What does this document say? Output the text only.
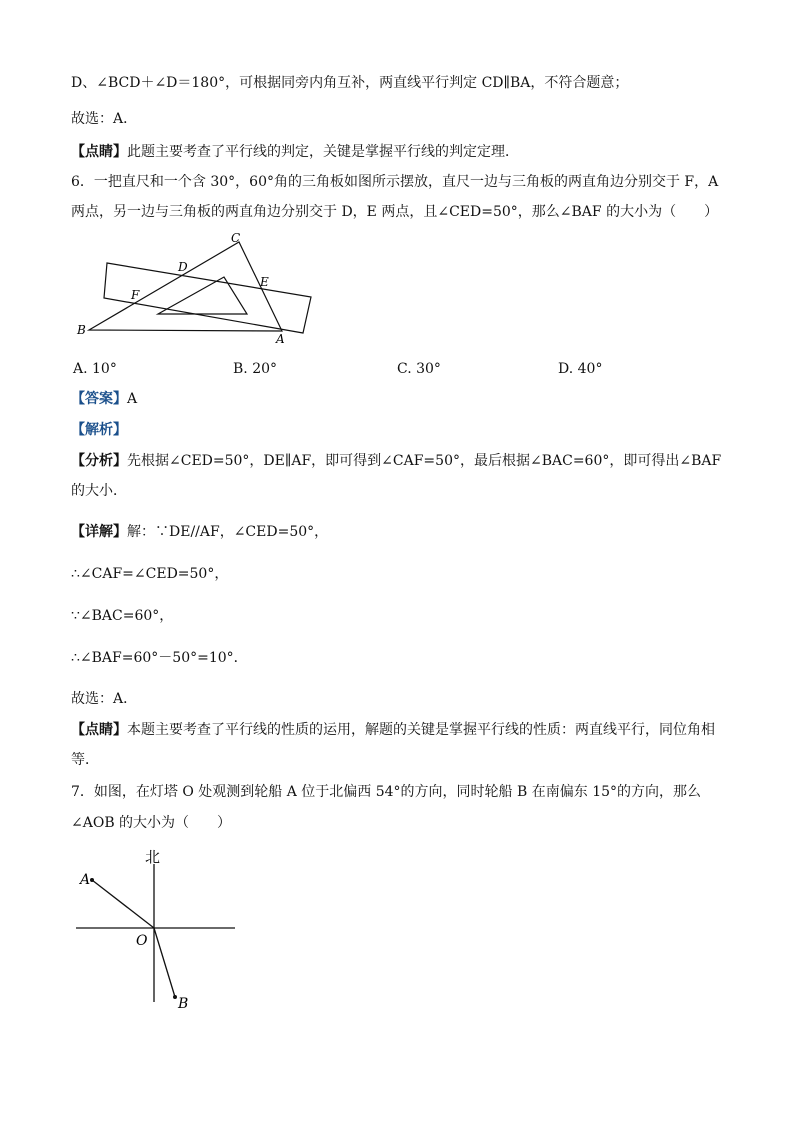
D、∠BCD＋∠D＝180°，可根据同旁内角互补，两直线平行判定 CD∥BA，不符合题意；
故选：A．
【点睛】此题主要考查了平行线的判定，关键是掌握平行线的判定定理．
6．一把直尺和一个含 30°，60°角的三角板如图所示摆放，直尺一边与三角板的两直角边分别交于 F，A
两点，另一边与三角板的两直角边分别交于 D，E 两点，且∠CED=50°，那么∠BAF 的大小为（　　）
C
D
E
F
B
A
A. 10°	B. 20°	C. 30°	D. 40°
【答案】A
【解析】
【分析】先根据∠CED=50°，DE∥AF，即可得到∠CAF=50°，最后根据∠BAC=60°，即可得出∠BAF
的大小．
【详解】解：∵DE//AF，∠CED=50°，
∴∠CAF=∠CED=50°，
∵∠BAC=60°，
∴∠BAF=60°－50°=10°．
故选：A．
【点睛】本题主要考查了平行线的性质的运用，解题的关键是掌握平行线的性质：两直线平行，同位角相
等．
7．如图，在灯塔 O 处观测到轮船 A 位于北偏西 54°的方向，同时轮船 B 在南偏东 15°的方向，那么
∠AOB 的大小为（　　）
北
A
O
B
